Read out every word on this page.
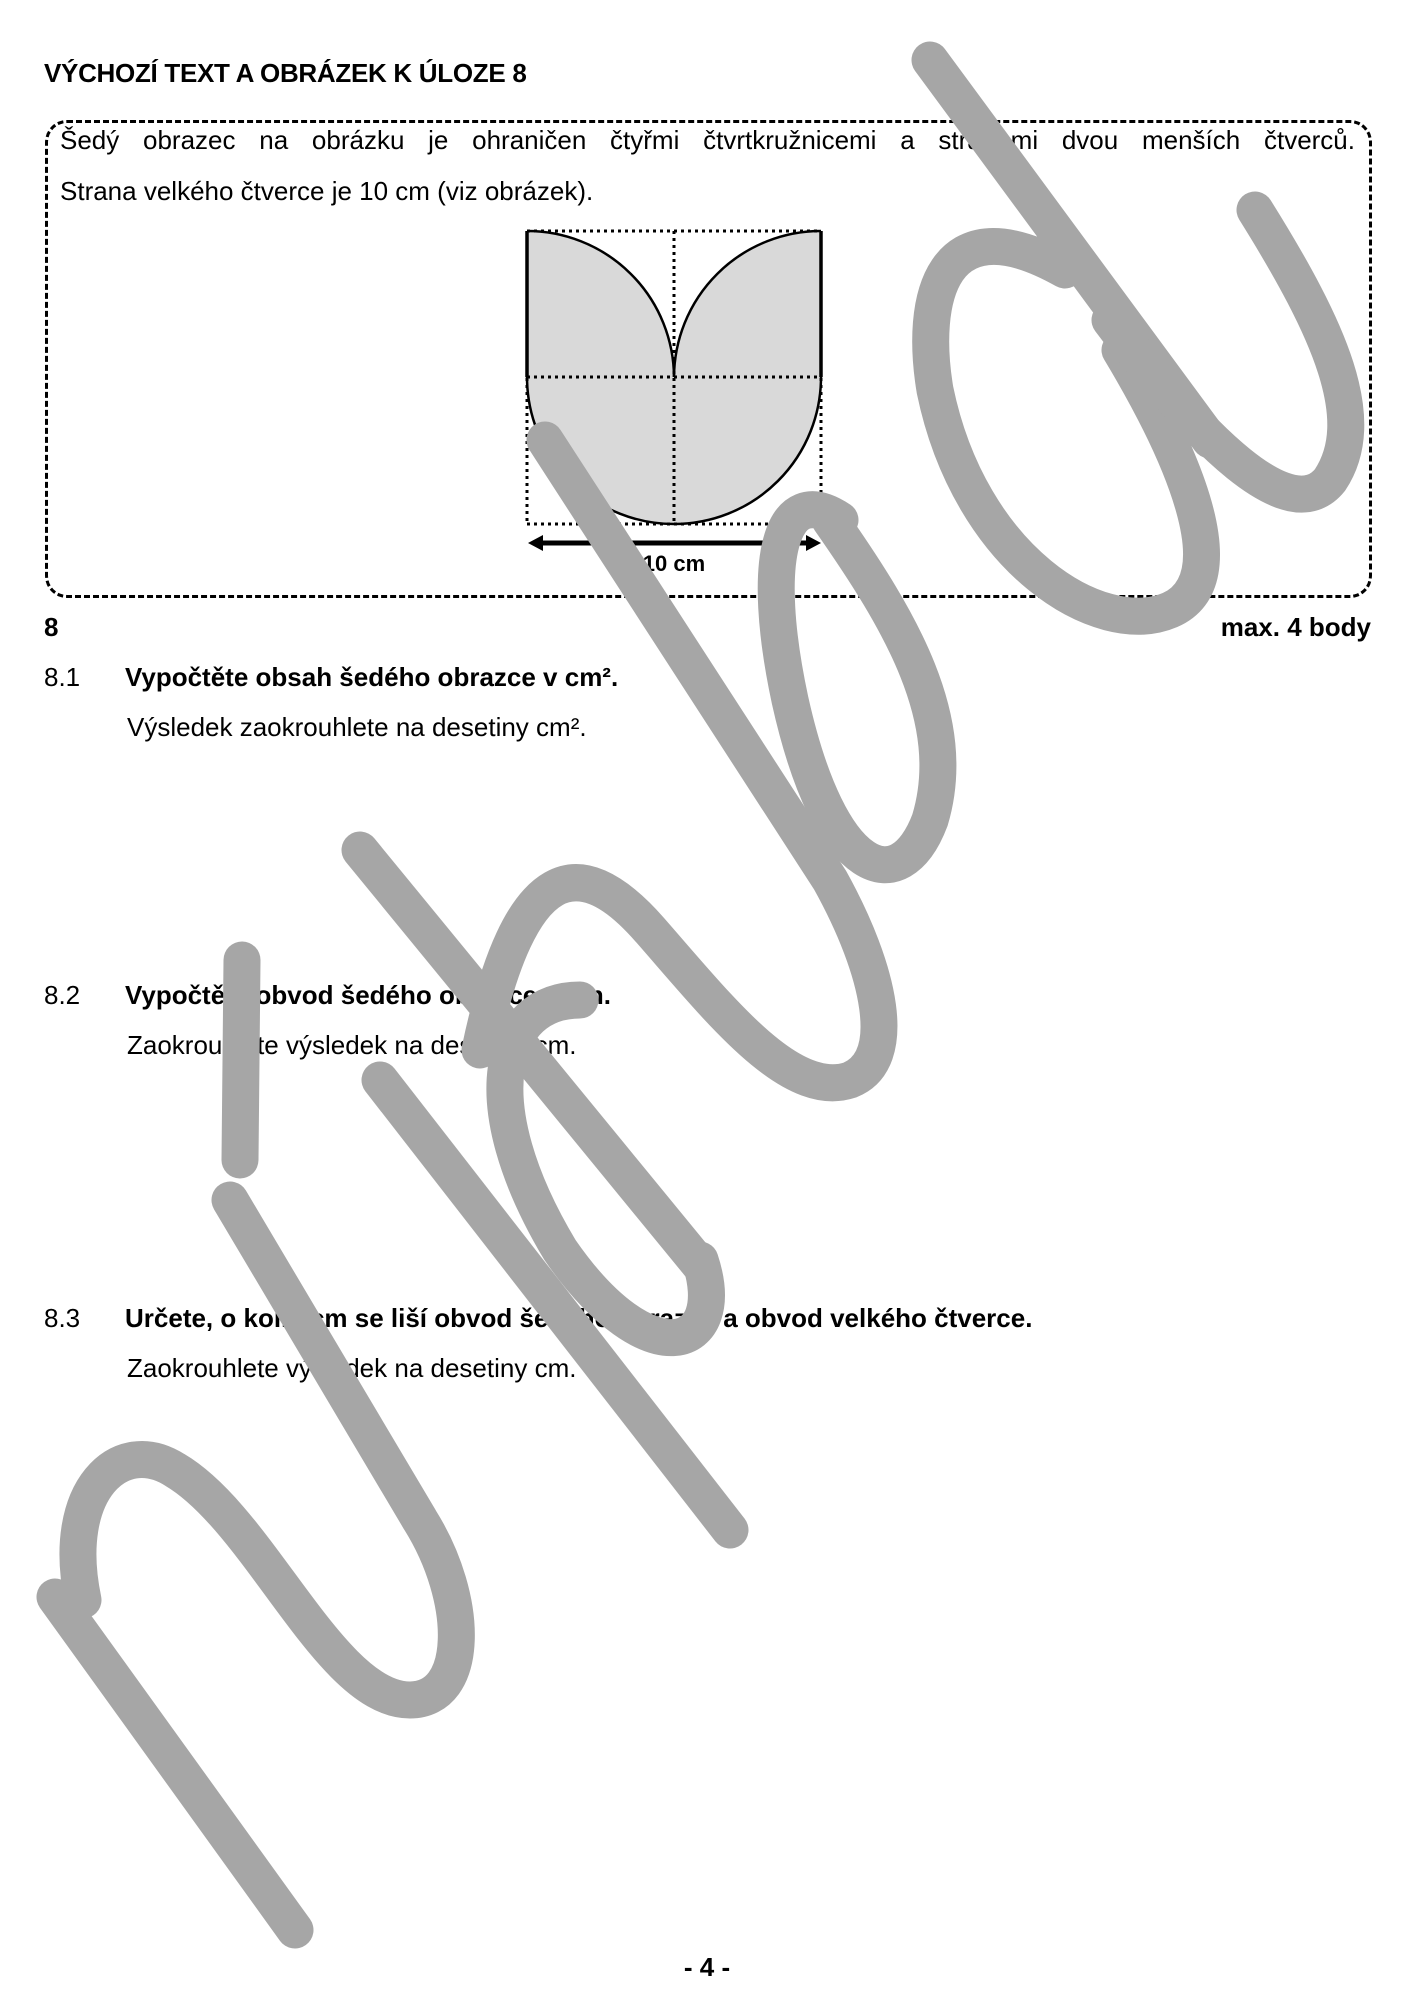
VÝCHOZÍ TEXT A OBRÁZEK K ÚLOZE 8
Šedý obrazec na obrázku je ohraničen čtyřmi čtvrtkružnicemi a stranami dvou menších čtverců.
Strana velkého čtverce je 10 cm (viz obrázek).
10 cm
8	max. 4 body
8.1 Vypočtěte obsah šedého obrazce v cm².
Výsledek zaokrouhlete na desetiny cm².
8.2 Vypočtěte obvod šedého obrazce v cm.
Zaokrouhlete výsledek na desetiny cm.
8.3 Určete, o kolik cm se liší obvod šedého obrazce a obvod velkého čtverce.
Zaokrouhlete výsledek na desetiny cm.
- 4 -
